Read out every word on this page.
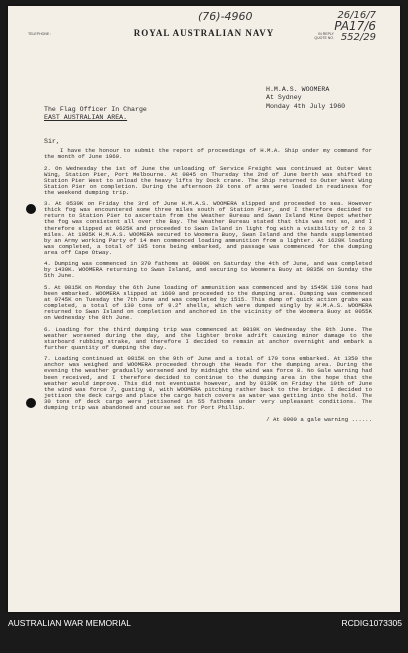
(76)-4960	26/16/7
PA17/6
552/29
ROYAL AUSTRALIAN NAVY
TELEPHONE :	IN REPLY
QUOTE NO.
H.M.A.S. WOOMERA
At Sydney
Monday 4th July 1960
The Flag Officer In Charge
EAST AUSTRALIAN AREA.
Sir,

I have the honour to submit the report of proceedings of H.M.A. Ship under my command for the month of June 1960.

2. On Wednesday the 1st of June the unloading of Service Freight was continued at Outer West Wing, Station Pier, Port Melbourne. At 0845 on Thursday the 2nd of June berth was shifted to Station Pier West to unload the heavy lifts by Dock crane. The Ship returned to Outer West Wing Station Pier on completion. During the afternoon 20 tons of arms were loaded in readiness for the weekend dumping trip.

3. At 0530K on Friday the 3rd of June H.M.A.S. WOOMERA slipped and proceeded to sea. However thick fog was encountered some three miles south of Station Pier, and I therefore decided to return to Station Pier to ascertain from the Weather Bureau and Swan Island Mine Depot whether the fog was consistent all over the Bay. The Weather Bureau stated that this was not so, and I therefore slipped at 0625K and proceeded to Swan Island in light fog with a visibility of 2 to 3 miles. At 1005K H.M.A.S. WOOMERA secured to Woomera Buoy, Swan Island and the hands supplemented by an Army working Party of 14 men commenced loading ammunition from a lighter. At 1620K loading was completed, a total of 105 tons being embarked, and passage was commenced for the dumping area off Cape Otway.

4. Dumping was commenced in 370 fathoms at 0800K on Saturday the 4th of June, and was completed by 1430K. WOOMERA returning to Swan Island, and securing to Woomera Buoy at 0835K on Sunday the 5th June.

5. At 0815K on Monday the 6th June loading of ammunition was commenced and by 1545K 130 tons had been embarked. WOOMERA slipped at 1600 and proceeded to the dumping area. Dumping was commenced at 0745K on Tuesday the 7th June and was completed by 1515. This dump of quick action grabs was completed, a total of 130 tons of 9.2" shells, which were dumped singly by H.M.A.S. WOOMERA returned to Swan Island on completion and anchored in the vicinity of the Woomera Buoy at 0055K on Wednesday the 8th June.

6. Loading for the third dumping trip was commenced at 0810K on Wednesday the 8th June. The weather worsened during the day, and the lighter broke adrift causing minor damage to the starboard rubbing strake, and therefore I decided to remain at anchor overnight and embark a further quantity of dumping the day.

7. Loading continued at 0815K on the 9th of June and a total of 170 tons embarked. At 1350 the anchor was weighed and WOOMERA proceeded through the Heads for the dumping area. During the evening the weather gradually worsened and by midnight the wind was force 8. No Gale warning had been received, and I therefore decided to continue to the dumping area in the hope that the weather would improve. This did not eventuate however, and by 0130K on Friday the 10th of June the wind was force 7, gusting 8, with WOOMERA pitching rather back to the bridge. I decided to jettison the deck cargo and place the cargo hatch covers as water was getting into the hold. The 30 tons of deck cargo were jettisoned in 55 fathoms under very unpleasant conditions. The dumping trip was abandoned and course set for Port Phillip.

/ At 0900 a gale warning ......

AUSTRALIAN WAR MEMORIAL	RCDIG1073305
